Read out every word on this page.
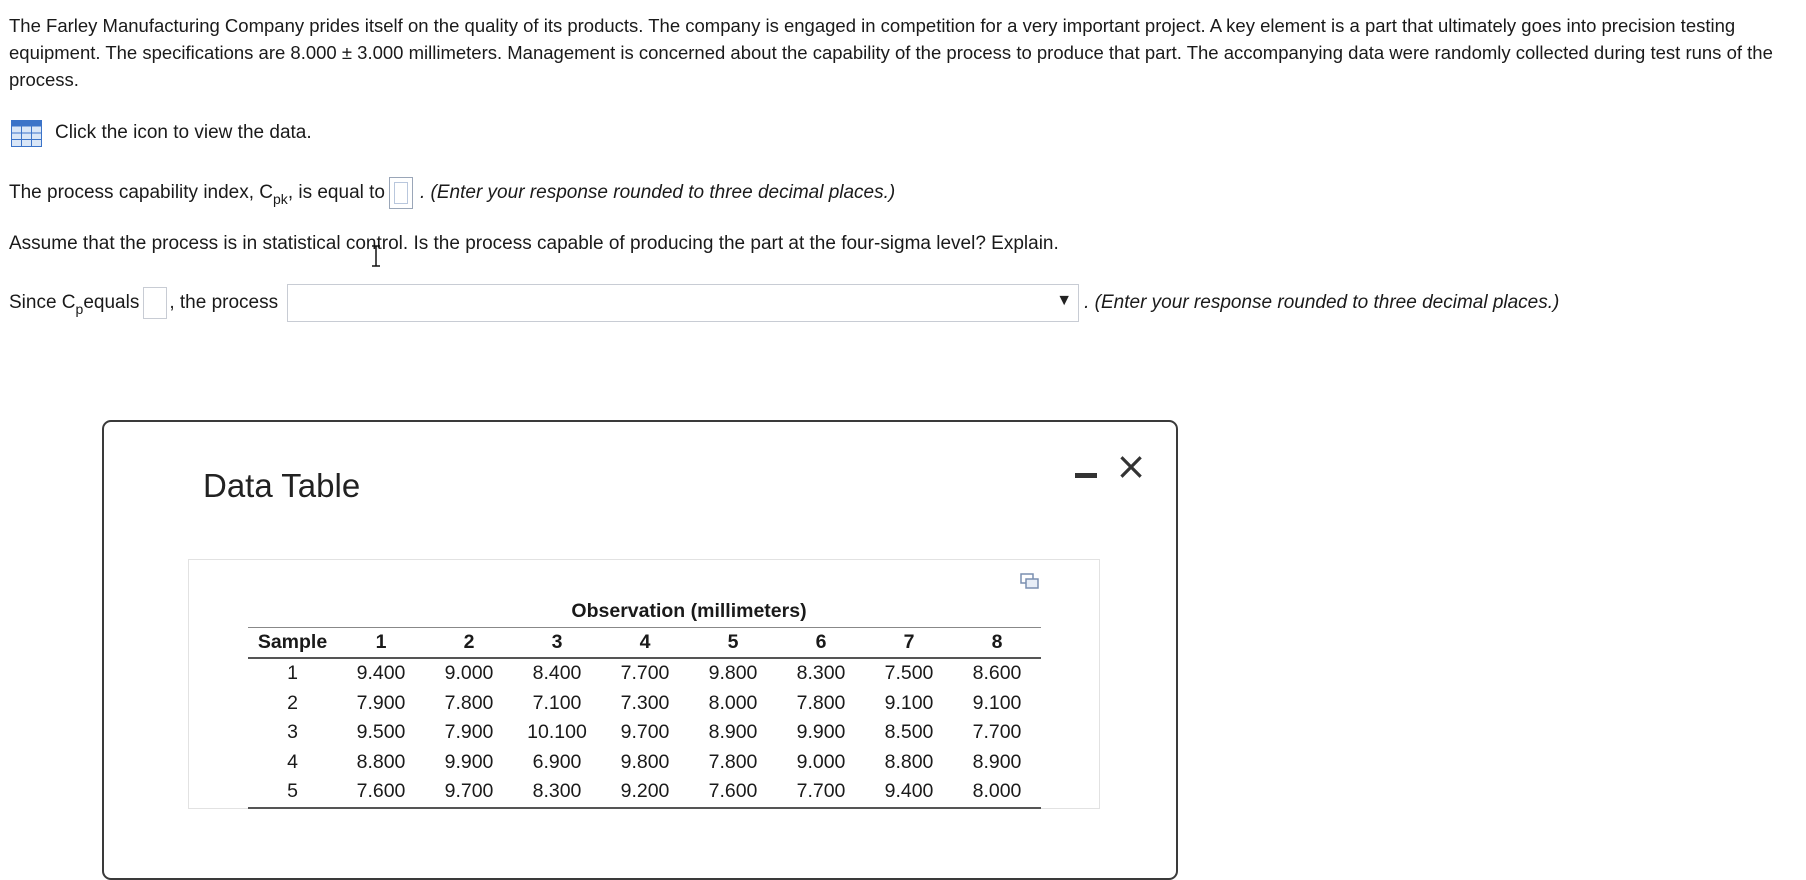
The Farley Manufacturing Company prides itself on the quality of its products. The company is engaged in competition for a very important project. A key element is a part that ultimately goes into precision testing equipment. The specifications are 8.000 ± 3.000 millimeters. Management is concerned about the capability of the process to produce that part. The accompanying data were randomly collected during test runs of the process.

Click the icon to view the data.
The process capability index, C pk , is equal to . (Enter your response rounded to three decimal places.)
Assume that the process is in statistical control. Is the process capable of producing the part at the four-sigma level? Explain.
Since C p equals , the process	▼ . (Enter your response rounded to three decimal places.)
Data Table	×
	Observation (millimeters)							
Sample	1	2	3	4	5	6	7	8
1	9.400	9.000	8.400	7.700	9.800	8.300	7.500	8.600
2	7.900	7.800	7.100	7.300	8.000	7.800	9.100	9.100
3	9.500	7.900	10.100	9.700	8.900	9.900	8.500	7.700
4	8.800	9.900	6.900	9.800	7.800	9.000	8.800	8.900
5	7.600	9.700	8.300	9.200	7.600	7.700	9.400	8.000
